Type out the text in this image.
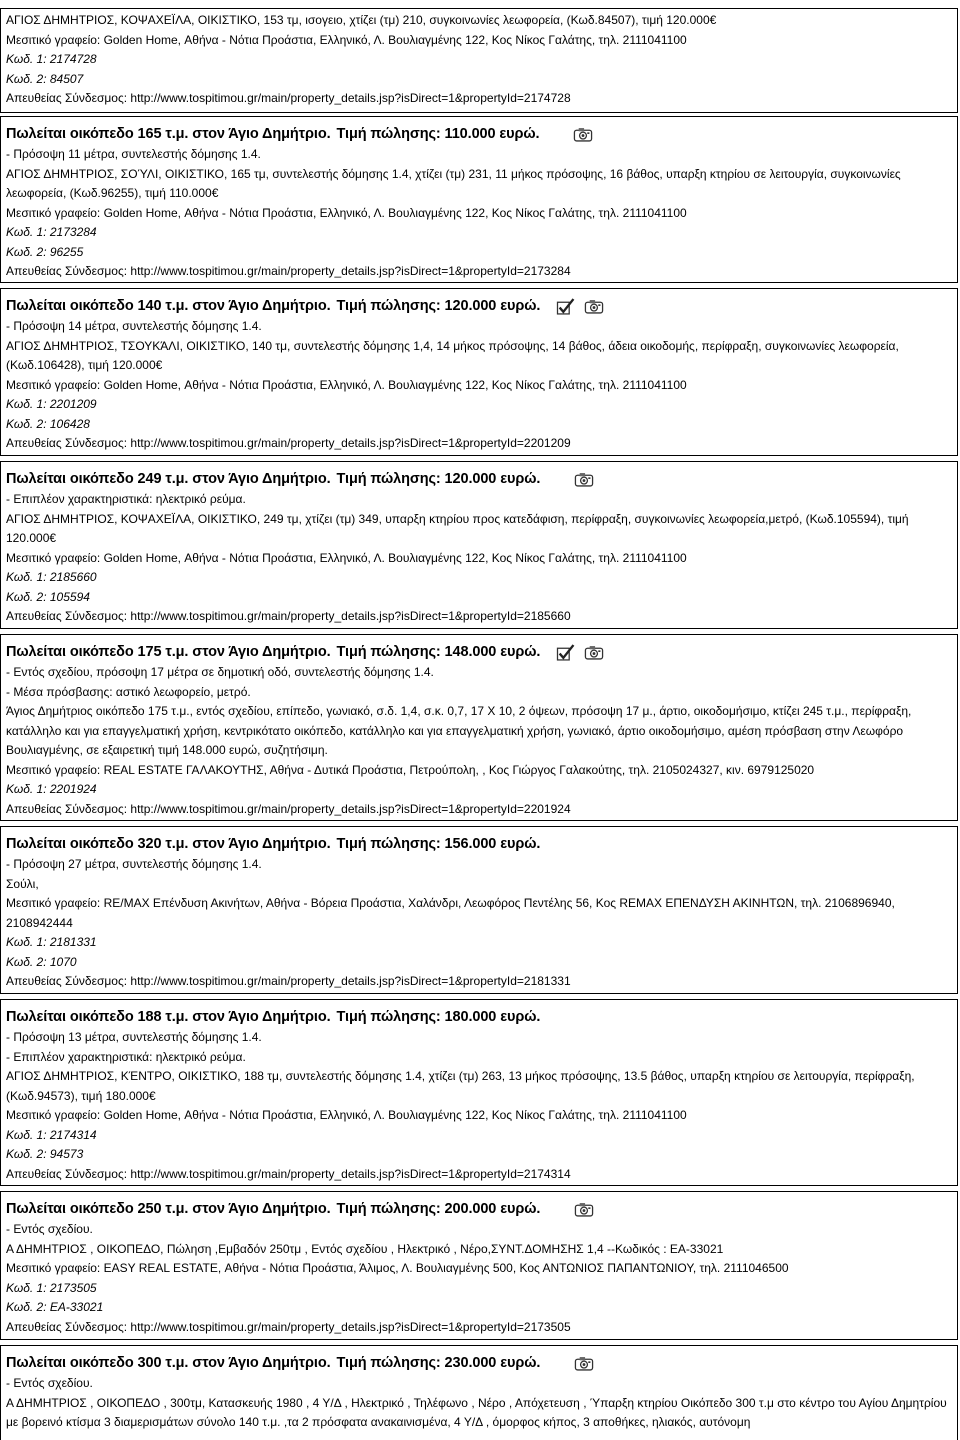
ΑΓΙΟΣ ΔΗΜΗΤΡΙΟΣ, ΚΟΨΑΧΕΪΛΑ, ΟΙΚΙΣΤΙΚΟ, 153 τμ, ισογειο, χτίζει (τμ) 210, συγκοινωνίες λεωφορεία, (Κωδ.84507), τιμή 120.000€
Μεσιτικό γραφείο: Golden Home, Αθήνα - Νότια Προάστια, Ελληνικό, Λ. Βουλιαγμένης 122, Κος Νίκος Γαλάτης, τηλ. 2111041100
Κωδ. 1: 2174728
Κωδ. 2: 84507
Απευθείας Σύνδεσμος: http://www.tospitimou.gr/main/property_details.jsp?isDirect=1&propertyId=2174728
Πωλείται οικόπεδο 165 τ.μ. στον Άγιο Δημήτριο. Τιμή πώλησης: 110.000 ευρώ.
- Πρόσοψη 11 μέτρα, συντελεστής δόμησης 1.4.
ΑΓΙΟΣ ΔΗΜΗΤΡΙΟΣ, ΣΟΎΛΙ, ΟΙΚΙΣΤΙΚΟ, 165 τμ, συντελεστής δόμησης 1.4, χτίζει (τμ) 231, 11 μήκος πρόσοψης, 16 βάθος, υπαρξη κτηρίου σε λειτουργία, συγκοινωνίες λεωφορεία, (Κωδ.96255), τιμή 110.000€
Μεσιτικό γραφείο: Golden Home, Αθήνα - Νότια Προάστια, Ελληνικό, Λ. Βουλιαγμένης 122, Κος Νίκος Γαλάτης, τηλ. 2111041100
Κωδ. 1: 2173284
Κωδ. 2: 96255
Απευθείας Σύνδεσμος: http://www.tospitimou.gr/main/property_details.jsp?isDirect=1&propertyId=2173284
Πωλείται οικόπεδο 140 τ.μ. στον Άγιο Δημήτριο. Τιμή πώλησης: 120.000 ευρώ.
- Πρόσοψη 14 μέτρα, συντελεστής δόμησης 1.4.
ΑΓΙΟΣ ΔΗΜΗΤΡΙΟΣ, ΤΣΟΥΚΆΛΙ, ΟΙΚΙΣΤΙΚΟ, 140 τμ, συντελεστής δόμησης 1,4, 14 μήκος πρόσοψης, 14 βάθος, άδεια οικοδομής, περίφραξη, συγκοινωνίες λεωφορεία, (Κωδ.106428), τιμή 120.000€
Μεσιτικό γραφείο: Golden Home, Αθήνα - Νότια Προάστια, Ελληνικό, Λ. Βουλιαγμένης 122, Κος Νίκος Γαλάτης, τηλ. 2111041100
Κωδ. 1: 2201209
Κωδ. 2: 106428
Απευθείας Σύνδεσμος: http://www.tospitimou.gr/main/property_details.jsp?isDirect=1&propertyId=2201209
Πωλείται οικόπεδο 249 τ.μ. στον Άγιο Δημήτριο. Τιμή πώλησης: 120.000 ευρώ.
- Επιπλέον χαρακτηριστικά: ηλεκτρικό ρεύμα.
ΑΓΙΟΣ ΔΗΜΗΤΡΙΟΣ, ΚΟΨΑΧΕΪΛΑ, ΟΙΚΙΣΤΙΚΟ, 249 τμ, χτίζει (τμ) 349, υπαρξη κτηρίου προς κατεδάφιση, περίφραξη, συγκοινωνίες λεωφορεία,μετρό, (Κωδ.105594), τιμή 120.000€
Μεσιτικό γραφείο: Golden Home, Αθήνα - Νότια Προάστια, Ελληνικό, Λ. Βουλιαγμένης 122, Κος Νίκος Γαλάτης, τηλ. 2111041100
Κωδ. 1: 2185660
Κωδ. 2: 105594
Απευθείας Σύνδεσμος: http://www.tospitimou.gr/main/property_details.jsp?isDirect=1&propertyId=2185660
Πωλείται οικόπεδο 175 τ.μ. στον Άγιο Δημήτριο. Τιμή πώλησης: 148.000 ευρώ.
- Εντός σχεδίου, πρόσοψη 17 μέτρα σε δημοτική οδό, συντελεστής δόμησης 1.4.
- Μέσα πρόσβασης: αστικό λεωφορείο, μετρό.
Άγιος Δημήτριος οικόπεδο 175 τ.μ., εντός σχεδίου, επίπεδο, γωνιακό, σ.δ. 1,4, σ.κ. 0,7, 17 Χ 10, 2 όψεων, πρόσοψη 17 μ., άρτιο, οικοδομήσιμο, κτίζει 245 τ.μ., περίφραξη, κατάλληλο και για επαγγελματική χρήση, κεντρικότατο οικόπεδο, κατάλληλο και για επαγγελματική χρήση, γωνιακό, άρτιο οικοδομήσιμο, αμέση πρόσβαση στην Λεωφόρο Βουλιαγμένης, σε εξαιρετική τιμή 148.000 ευρώ, συζητήσιμη.
Μεσιτικό γραφείο: REAL ESTATE ΓΑΛΑΚΟΥΤΗΣ, Αθήνα - Δυτικά Προάστια, Πετρούπολη, , Κος Γιώργος Γαλακούτης, τηλ. 2105024327, κιν. 6979125020
Κωδ. 1: 2201924
Απευθείας Σύνδεσμος: http://www.tospitimou.gr/main/property_details.jsp?isDirect=1&propertyId=2201924
Πωλείται οικόπεδο 320 τ.μ. στον Άγιο Δημήτριο. Τιμή πώλησης: 156.000 ευρώ.
- Πρόσοψη 27 μέτρα, συντελεστής δόμησης 1.4.
Σούλι,
Μεσιτικό γραφείο: RE/MAX Επένδυση Ακινήτων, Αθήνα - Βόρεια Προάστια, Χαλάνδρι, Λεωφόρος Πεντέλης 56, Κος REMAX ΕΠΕΝΔΥΣΗ ΑΚΙΝΗΤΩΝ, τηλ. 2106896940, 2108942444
Κωδ. 1: 2181331
Κωδ. 2: 1070
Απευθείας Σύνδεσμος: http://www.tospitimou.gr/main/property_details.jsp?isDirect=1&propertyId=2181331
Πωλείται οικόπεδο 188 τ.μ. στον Άγιο Δημήτριο. Τιμή πώλησης: 180.000 ευρώ.
- Πρόσοψη 13 μέτρα, συντελεστής δόμησης 1.4.
- Επιπλέον χαρακτηριστικά: ηλεκτρικό ρεύμα.
ΑΓΙΟΣ ΔΗΜΗΤΡΙΟΣ, ΚΈΝΤΡΟ, ΟΙΚΙΣΤΙΚΟ, 188 τμ, συντελεστής δόμησης 1.4, χτίζει (τμ) 263, 13 μήκος πρόσοψης, 13.5 βάθος, υπαρξη κτηρίου σε λειτουργία, περίφραξη, (Κωδ.94573), τιμή 180.000€
Μεσιτικό γραφείο: Golden Home, Αθήνα - Νότια Προάστια, Ελληνικό, Λ. Βουλιαγμένης 122, Κος Νίκος Γαλάτης, τηλ. 2111041100
Κωδ. 1: 2174314
Κωδ. 2: 94573
Απευθείας Σύνδεσμος: http://www.tospitimou.gr/main/property_details.jsp?isDirect=1&propertyId=2174314
Πωλείται οικόπεδο 250 τ.μ. στον Άγιο Δημήτριο. Τιμή πώλησης: 200.000 ευρώ.
- Εντός σχεδίου.
Α ΔΗΜΗΤΡΙΟΣ , ΟΙΚΟΠΕΔΟ, Πώληση ,Εμβαδόν 250τμ , Εντός σχεδίου , Ηλεκτρικό , Νέρο,ΣΥΝΤ.ΔΟΜΗΣΗΣ 1,4 --Κωδικός : ΕΑ-33021
Μεσιτικό γραφείο: EASY REAL ESTATE, Αθήνα - Νότια Προάστια, Άλιμος, Λ. Βουλιαγμένης 500, Κος ΑΝΤΩΝΙΟΣ ΠΑΠΑΝΤΩΝΙΟΥ, τηλ. 2111046500
Κωδ. 1: 2173505
Κωδ. 2: EA-33021
Απευθείας Σύνδεσμος: http://www.tospitimou.gr/main/property_details.jsp?isDirect=1&propertyId=2173505
Πωλείται οικόπεδο 300 τ.μ. στον Άγιο Δημήτριο. Τιμή πώλησης: 230.000 ευρώ.
- Εντός σχεδίου.
Α ΔΗΜΗΤΡΙΟΣ , ΟΙΚΟΠΕΔΟ , 300τμ, Κατασκευής 1980 , 4 Υ/Δ , Ηλεκτρικό , Τηλέφωνο , Νέρο , Απόχετευση , Ύπαρξη κτηρίου Οικόπεδο 300 τ.μ στο κέντρο του Αγίου Δημητρίου με βορεινό κτίσμα 3 διαμερισμάτων σύνολο 140 τ.μ. ,τα 2 πρόσφατα ανακαινισμένα, 4 Υ/Δ , όμορφος κήπος, 3 αποθήκες, ηλιακός, αυτόνομη
